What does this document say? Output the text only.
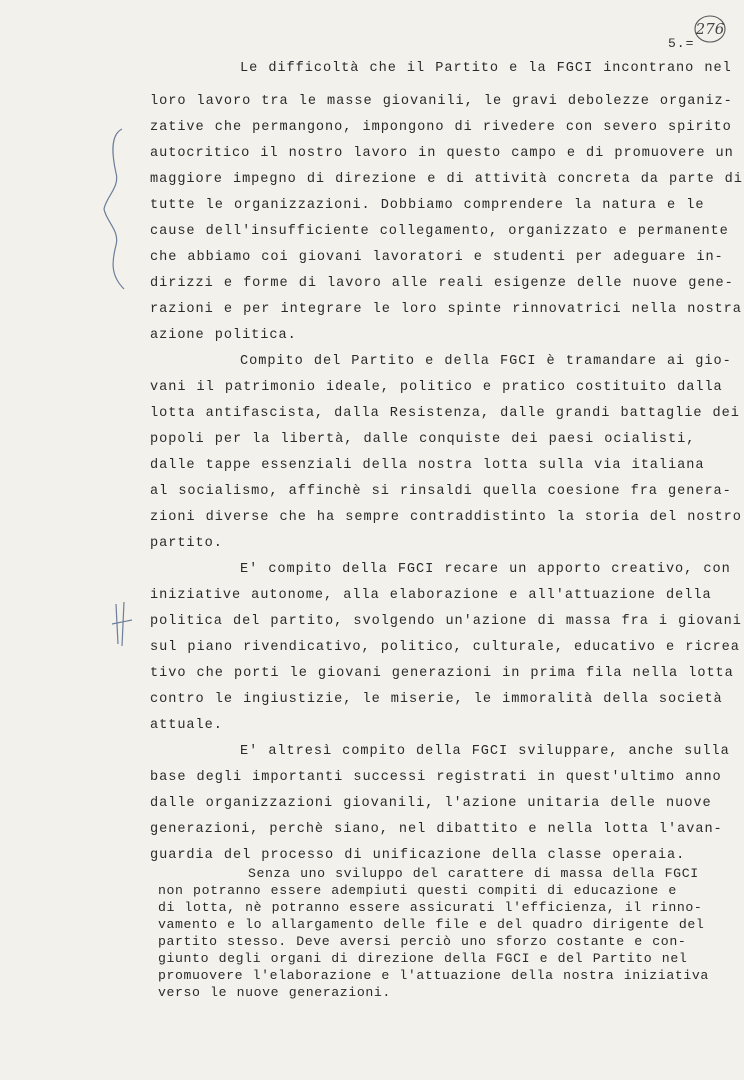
276
5.=
Le difficoltà che il Partito e la FGCI incontrano nel
loro lavoro tra le masse giovanili, le gravi debolezze organiz-
zative che permangono, impongono di rivedere con severo spirito
autocritico il nostro lavoro in questo campo e di promuovere un
maggiore impegno di direzione e di attività concreta da parte di
tutte le organizzazioni. Dobbiamo comprendere la natura e le
cause dell'insufficiente collegamento, organizzato e permanente
che abbiamo coi giovani lavoratori e studenti per adeguare in-
dirizzi e forme di lavoro alle reali esigenze delle nuove gene-
razioni e per integrare le loro spinte rinnovatrici nella nostra
azione politica.
Compito del Partito e della FGCI è tramandare ai gio-
vani il patrimonio ideale, politico e pratico costituito dalla
lotta antifascista, dalla Resistenza, dalle grandi battaglie dei
popoli per la libertà, dalle conquiste dei paesi ocialisti,
dalle tappe essenziali della nostra lotta sulla via italiana
al socialismo, affinchè si rinsaldi quella coesione fra genera-
zioni diverse che ha sempre contraddistinto la storia del nostro
partito.
E' compito della FGCI recare un apporto creativo, con
iniziative autonome, alla elaborazione e all'attuazione della
politica del partito, svolgendo un'azione di massa fra i giovani
sul piano rivendicativo, politico, culturale, educativo e ricrea
tivo che porti le giovani generazioni in prima fila nella lotta
contro le ingiustizie, le miserie, le immoralità della società
attuale.
E' altresì compito della FGCI sviluppare, anche sulla
base degli importanti successi registrati in quest'ultimo anno
dalle organizzazioni giovanili, l'azione unitaria delle nuove
generazioni, perchè siano, nel dibattito e nella lotta l'avan-
guardia del processo di unificazione della classe operaia.
Senza uno sviluppo del carattere di massa della FGCI
non potranno essere adempiuti questi compiti di educazione e
di lotta, nè potranno essere assicurati l'efficienza, il rinno-
vamento e lo allargamento delle file e del quadro dirigente del
partito stesso. Deve aversi perciò uno sforzo costante e con-
giunto degli organi di direzione della FGCI e del Partito nel
promuovere l'elaborazione e l'attuazione della nostra iniziativa
verso le nuove generazioni.
